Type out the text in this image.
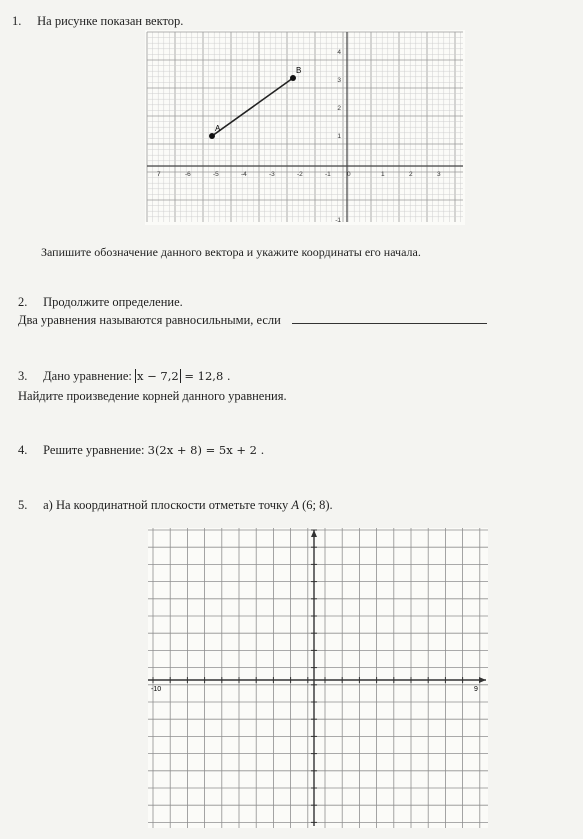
1. На рисунке показан вектор.
A
B
7	-6	-5	-4	-3	-2	-1 0	1	2	3
4
3
2
1
-1
Запишите обозначение данного вектора и укажите координаты его начала.
2. Продолжите определение.
Два уравнения называются равносильными, если
3. Дано уравнение: x − 7,2 = 12,8 .
Найдите произведение корней данного уравнения.
4. Решите уравнение: 3(2x + 8) = 5x + 2 .
5. а) На координатной плоскости отметьте точку A (6; 8).
-10	9
